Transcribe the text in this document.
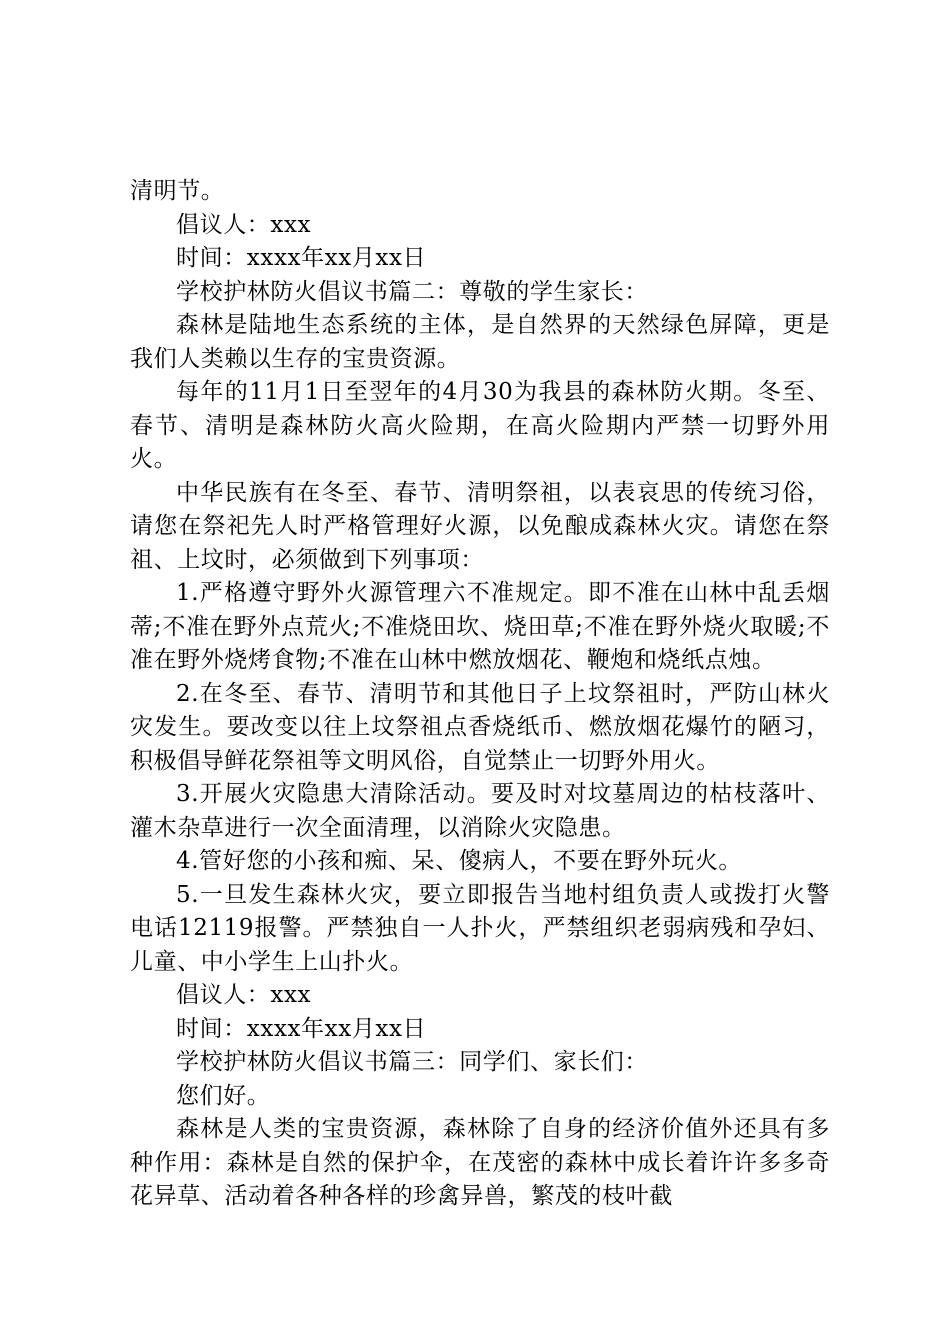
清明节。

倡议人：xxx

时间：xxxx年xx月xx日

学校护林防火倡议书篇二：尊敬的学生家长：

森林是陆地生态系统的主体，是自然界的天然绿色屏障，更是我们人类赖以生存的宝贵资源。

每年的11月1日至翌年的4月30为我县的森林防火期。冬至、春节、清明是森林防火高火险期，在高火险期内严禁一切野外用火。

中华民族有在冬至、春节、清明祭祖，以表哀思的传统习俗，请您在祭祀先人时严格管理好火源，以免酿成森林火灾。请您在祭祖、上坟时，必须做到下列事项：

1.严格遵守野外火源管理六不准规定。即不准在山林中乱丢烟蒂;不准在野外点荒火;不准烧田坎、烧田草;不准在野外烧火取暖;不准在野外烧烤食物;不准在山林中燃放烟花、鞭炮和烧纸点烛。

2.在冬至、春节、清明节和其他日子上坟祭祖时，严防山林火灾发生。要改变以往上坟祭祖点香烧纸币、燃放烟花爆竹的陋习，积极倡导鲜花祭祖等文明风俗，自觉禁止一切野外用火。

3.开展火灾隐患大清除活动。要及时对坟墓周边的枯枝落叶、灌木杂草进行一次全面清理，以消除火灾隐患。

4.管好您的小孩和痴、呆、傻病人，不要在野外玩火。

5.一旦发生森林火灾，要立即报告当地村组负责人或拨打火警电话12119报警。严禁独自一人扑火，严禁组织老弱病残和孕妇、儿童、中小学生上山扑火。

倡议人：xxx

时间：xxxx年xx月xx日

学校护林防火倡议书篇三：同学们、家长们：

您们好。

森林是人类的宝贵资源，森林除了自身的经济价值外还具有多种作用：森林是自然的保护伞，在茂密的森林中成长着许许多多奇花异草、活动着各种各样的珍禽异兽，繁茂的枝叶截
